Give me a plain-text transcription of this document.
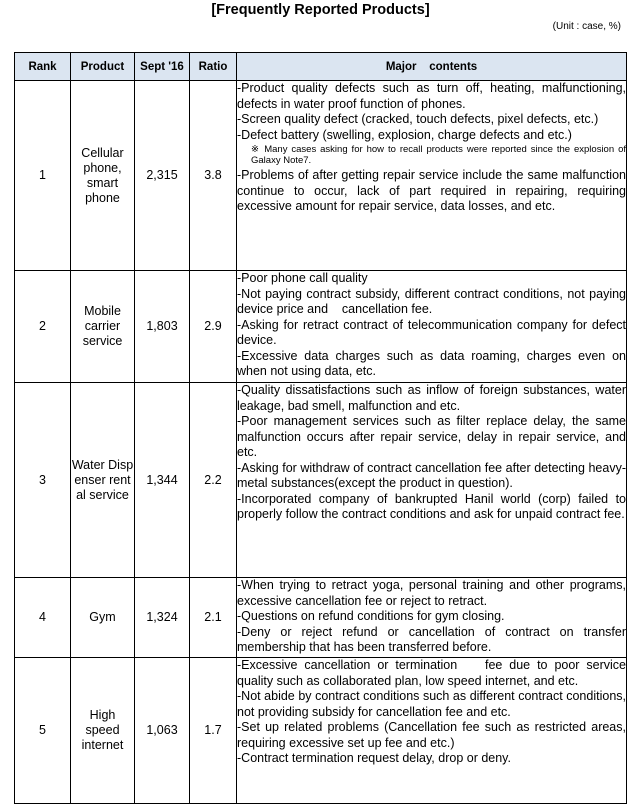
[Frequently Reported Products]
(Unit : case, %)
Rank	Product	Sept '16	Ratio	Major    contents
1	Cellular phone, smart phone	2,315	3.8	-Product quality defects such as turn off, heating, malfunctioning, defects in water proof function of phones.
-Screen quality defect (cracked, touch defects, pixel defects, etc.)
-Defect battery (swelling, explosion, charge defects and etc.)
※ Many cases asking for how to recall products were reported since the explosion of Galaxy Note7.
-Problems of after getting repair service include the same malfunction continue to occur, lack of part required in repairing, requiring excessive amount for repair service, data losses, and etc.

2	Mobile carrier service	1,803	2.9	-Poor phone call quality
-Not paying contract subsidy, different contract conditions, not paying device price and    cancellation fee.
-Asking for retract contract of telecommunication company for defect device.
-Excessive data charges such as data roaming, charges even on when not using data, etc.

3	Water Dispenser rental service	1,344	2.2	-Quality dissatisfactions such as inflow of foreign substances, water leakage, bad smell, malfunction and etc.
-Poor management services such as filter replace delay, the same malfunction occurs after repair service, delay in repair service, and etc.
-Asking for withdraw of contract cancellation fee after detecting heavy-metal substances(except the product in question).
-Incorporated company of bankrupted Hanil world (corp) failed to properly follow the contract conditions and ask for unpaid contract fee.

4	Gym	1,324	2.1	-When trying to retract yoga, personal training and other programs, excessive cancellation fee or reject to retract.
-Questions on refund conditions for gym closing.
-Deny or reject refund or cancellation of contract on transfer membership that has been transferred before.

5	High speed internet	1,063	1.7	-Excessive cancellation or termination    fee due to poor service quality such as collaborated plan, low speed internet, and etc.
-Not abide by contract conditions such as different contract conditions, not providing subsidy for cancellation fee and etc.
-Set up related problems (Cancellation fee such as restricted areas, requiring excessive set up fee and etc.)
-Contract termination request delay, drop or deny.
